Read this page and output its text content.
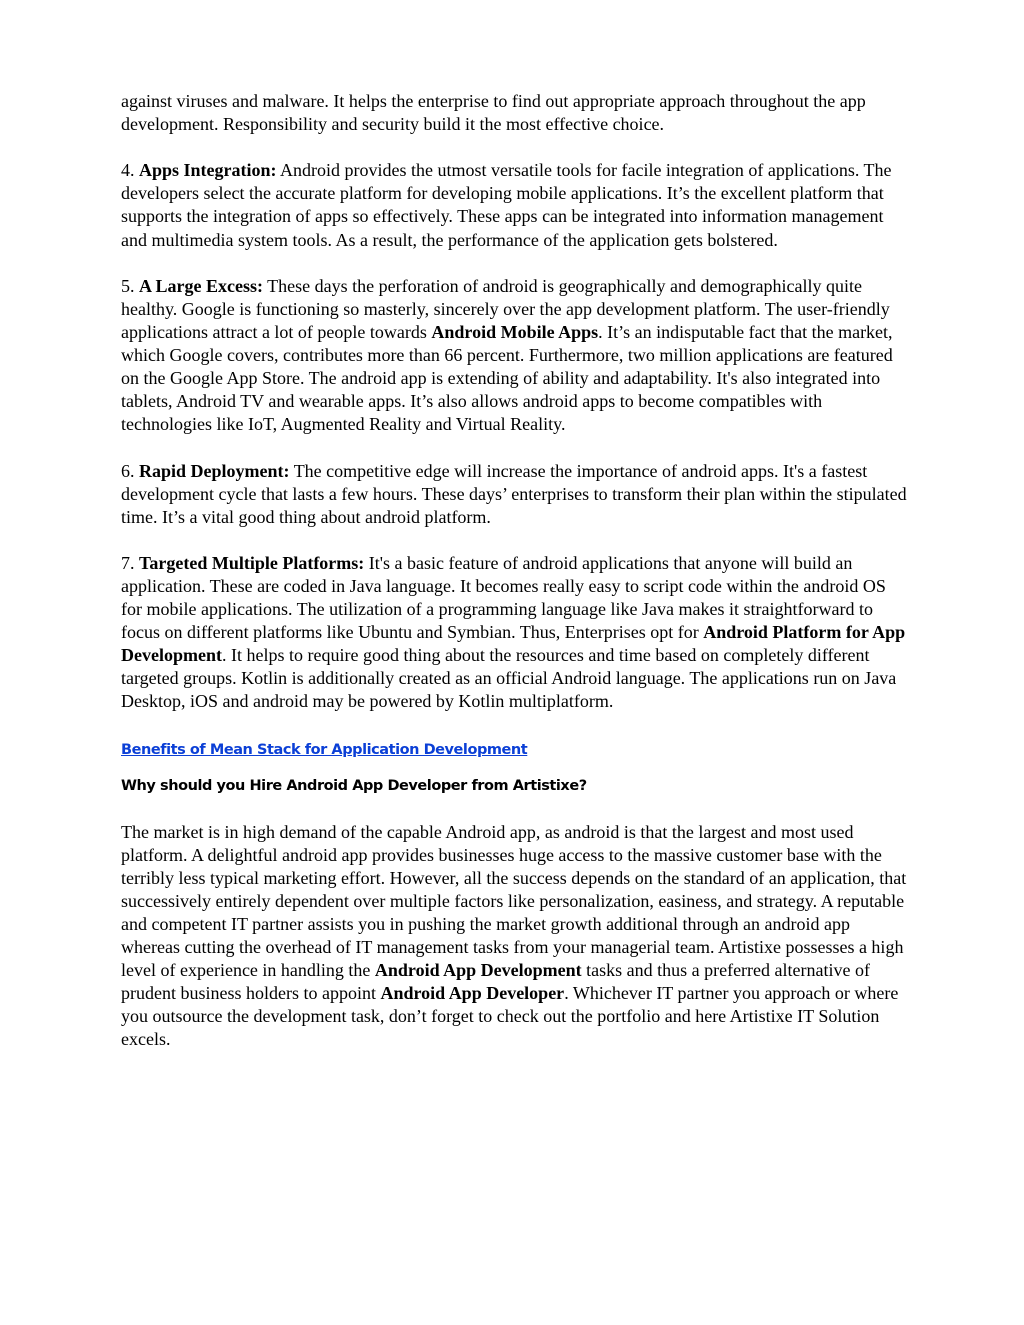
against viruses and malware. It helps the enterprise to find out appropriate approach throughout the app development. Responsibility and security build it the most effective choice.

4. Apps Integration: Android provides the utmost versatile tools for facile integration of applications. The developers select the accurate platform for developing mobile applications. It’s the excellent platform that supports the integration of apps so effectively. These apps can be integrated into information management and multimedia system tools. As a result, the performance of the application gets bolstered.

5. A Large Excess: These days the perforation of android is geographically and demographically quite healthy. Google is functioning so masterly, sincerely over the app development platform. The user-friendly applications attract a lot of people towards Android Mobile Apps. It’s an indisputable fact that the market, which Google covers, contributes more than 66 percent. Furthermore, two million applications are featured on the Google App Store. The android app is extending of ability and adaptability. It's also integrated into tablets, Android TV and wearable apps. It’s also allows android apps to become compatibles with technologies like IoT, Augmented Reality and Virtual Reality.

6. Rapid Deployment: The competitive edge will increase the importance of android apps. It's a fastest development cycle that lasts a few hours. These days’ enterprises to transform their plan within the stipulated time. It’s a vital good thing about android platform.

7. Targeted Multiple Platforms: It's a basic feature of android applications that anyone will build an application. These are coded in Java language. It becomes really easy to script code within the android OS for mobile applications. The utilization of a programming language like Java makes it straightforward to focus on different platforms like Ubuntu and Symbian. Thus, Enterprises opt for Android Platform for App Development. It helps to require good thing about the resources and time based on completely different targeted groups. Kotlin is additionally created as an official Android language. The applications run on Java Desktop, iOS and android may be powered by Kotlin multiplatform.

Benefits of Mean Stack for Application Development
Why should you Hire Android App Developer from Artistixe?

The market is in high demand of the capable Android app, as android is that the largest and most used platform. A delightful android app provides businesses huge access to the massive customer base with the terribly less typical marketing effort. However, all the success depends on the standard of an application, that successively entirely dependent over multiple factors like personalization, easiness, and strategy. A reputable and competent IT partner assists you in pushing the market growth additional through an android app whereas cutting the overhead of IT management tasks from your managerial team. Artistixe possesses a high level of experience in handling the Android App Development tasks and thus a preferred alternative of prudent business holders to appoint Android App Developer. Whichever IT partner you approach or where you outsource the development task, don’t forget to check out the portfolio and here Artistixe IT Solution excels.
